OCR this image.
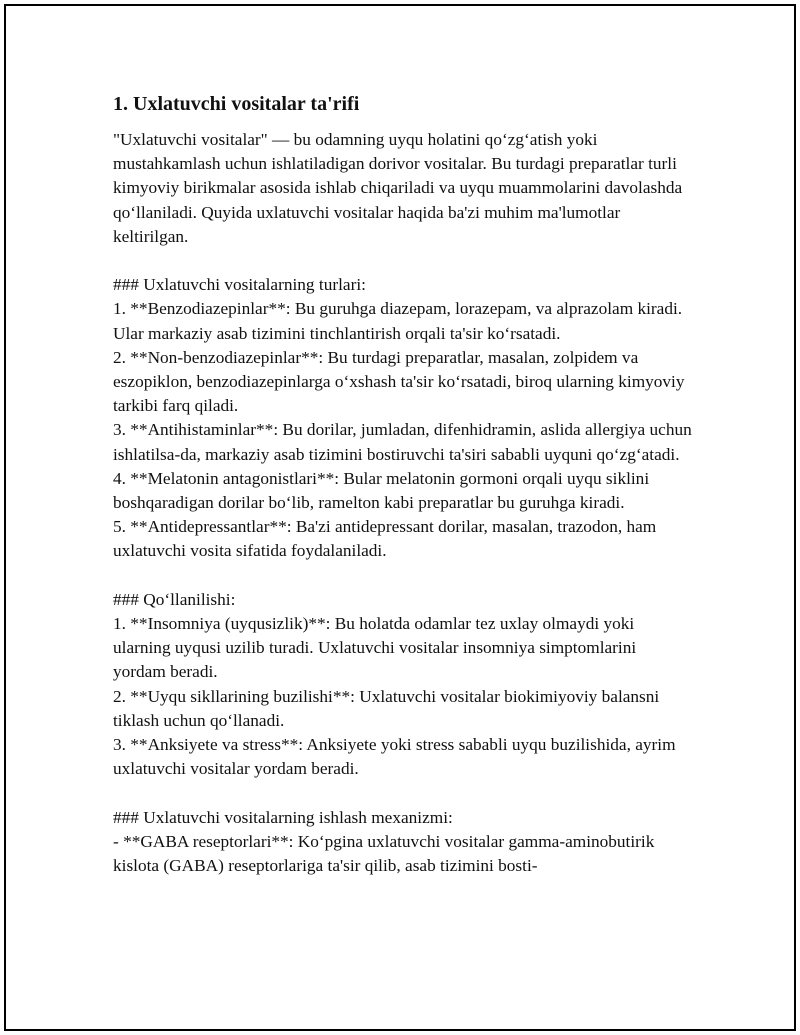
1. Uxlatuvchi vositalar ta'rifi

"Uxlatuvchi vositalar" — bu odamning uyqu holatini qo‘zg‘atish yoki mustahkamlash uchun ishlatiladigan dorivor vositalar. Bu turdagi preparatlar turli kimyoviy birikmalar asosida ishlab chiqariladi va uyqu muammolarini davolashda qo‘llaniladi. Quyida uxlatuvchi vositalar haqida ba'zi muhim ma'lumotlar keltirilgan.

### Uxlatuvchi vositalarning turlari:

1. **Benzodiazepinlar**: Bu guruhga diazepam, lorazepam, va alprazolam kiradi. Ular markaziy asab tizimini tinchlantirish orqali ta'sir ko‘rsatadi.

2. **Non-benzodiazepinlar**: Bu turdagi preparatlar, masalan, zolpidem va eszopiklon, benzodiazepinlarga o‘xshash ta'sir ko‘rsatadi, biroq ularning kimyoviy tarkibi farq qiladi.

3. **Antihistaminlar**: Bu dorilar, jumladan, difenhidramin, aslida allergiya uchun ishlatilsa-da, markaziy asab tizimini bostiruvchi ta'siri sababli uyquni qo‘zg‘atadi.

4. **Melatonin antagonistlari**: Bular melatonin gormoni orqali uyqu siklini boshqaradigan dorilar bo‘lib, ramelton kabi preparatlar bu guruhga kiradi.

5. **Antidepressantlar**: Ba'zi antidepressant dorilar, masalan, trazodon, ham uxlatuvchi vosita sifatida foydalaniladi.

### Qo‘llanilishi:

1. **Insomniya (uyqusizlik)**: Bu holatda odamlar tez uxlay olmaydi yoki ularning uyqusi uzilib turadi. Uxlatuvchi vositalar insomniya simptomlarini yordam beradi.

2. **Uyqu sikllarining buzilishi**: Uxlatuvchi vositalar biokimiyoviy balansni tiklash uchun qo‘llanadi.

3. **Anksiyete va stress**: Anksiyete yoki stress sababli uyqu buzilishida, ayrim uxlatuvchi vositalar yordam beradi.

### Uxlatuvchi vositalarning ishlash mexanizmi:

- **GABA reseptorlari**: Ko‘pgina uxlatuvchi vositalar gamma-aminobutirik kislota (GABA) reseptorlariga ta'sir qilib, asab tizimini bosti-
